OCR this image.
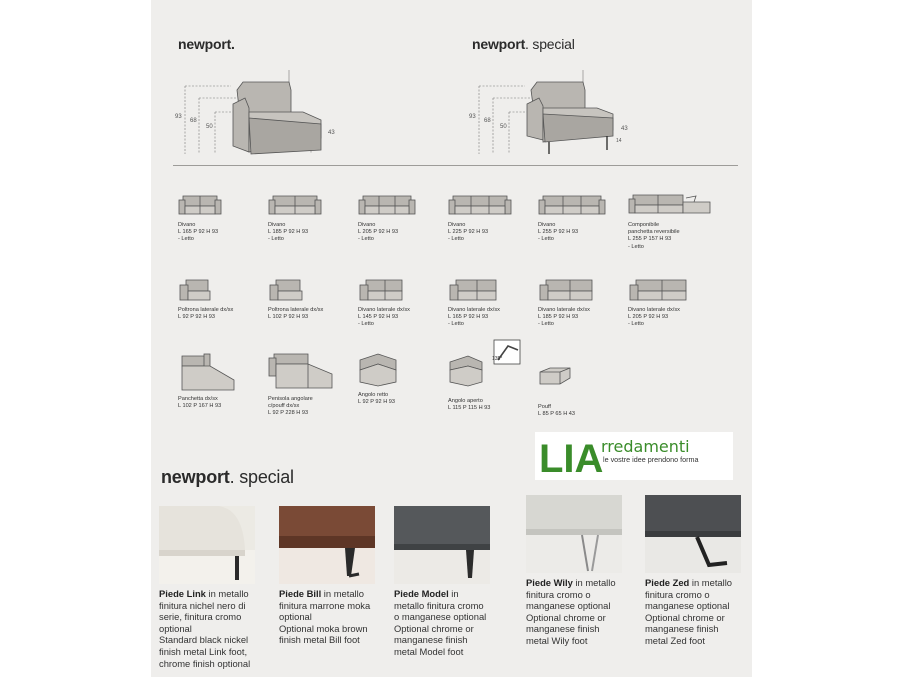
newport.
93
68
50
43
newport. special
93
68
50	43
14
Divano
L 165 P 92 H 93
- Letto
Divano
L 185 P 92 H 93
- Letto
Divano
L 205 P 92 H 93
- Letto
Divano
L 225 P 92 H 93
- Letto
Divano
L 255 P 92 H 93
- Letto
Componibile
panchetta reversibile
L 255 P 157 H 93
- Letto
Poltrona laterale dx/sx
L 92 P 92 H 93
Poltrona laterale dx/sx
L 102 P 92 H 93
Divano laterale dx/sx
L 145 P 92 H 93
- Letto
Divano laterale dx/sx
L 165 P 92 H 93
- Letto
Divano laterale dx/sx
L 185 P 92 H 93
- Letto
Divano laterale dx/sx
L 205 P 92 H 93
- Letto
Panchetta dx/sx
L 102 P 167 H 93
Penisola angolare
c/pouff dx/sx
L 92 P 228 H 93
Angolo retto
L 92 P 92 H 93
135°
Angolo aperto
L 115 P 115 H 93	Pouff
L 85 P 65 H 43
LIA
rredamenti
le vostre idee prendono forma
newport. special
Piede Link in metallo finitura nichel nero di serie, finitura cromo optional
Standard black nickel finish metal Link foot, chrome finish optional
Piede Bill in metallo finitura marrone moka optional
Optional moka brown finish metal Bill foot
Piede Model in metallo finitura cromo o manganese optional
Optional chrome or manganese finish metal Model foot
Piede Wily in metallo finitura cromo o manganese optional
Optional chrome or manganese finish metal Wily foot
Piede Zed in metallo finitura cromo o manganese optional
Optional chrome or manganese finish metal Zed foot
